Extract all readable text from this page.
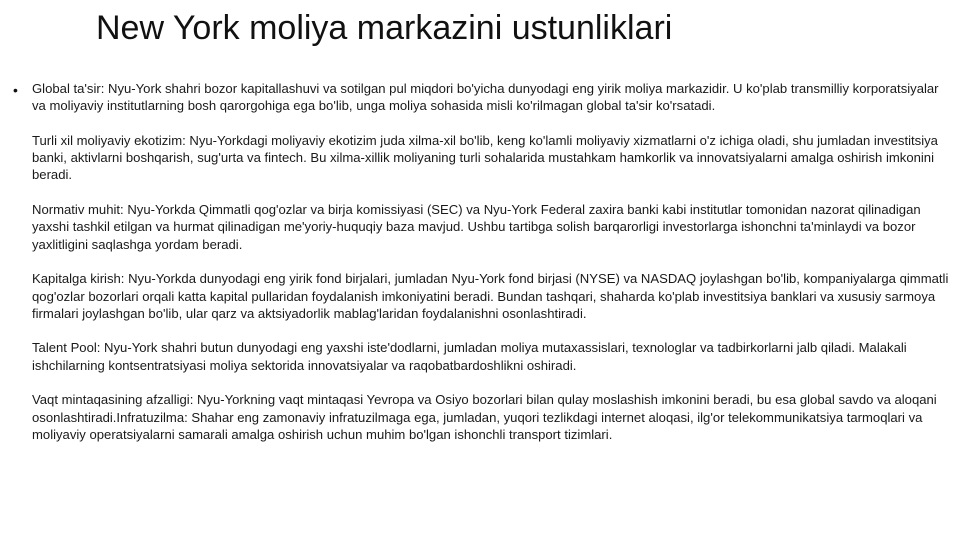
New York moliya markazini ustunliklari
• Global ta'sir: Nyu-York shahri bozor kapitallashuvi va sotilgan pul miqdori bo'yicha dunyodagi eng yirik moliya markazidir. U ko'plab transmilliy korporatsiyalar va moliyaviy institutlarning bosh qarorgohiga ega bo'lib, unga moliya sohasida misli ko'rilmagan global ta'sir ko'rsatadi.

Turli xil moliyaviy ekotizim: Nyu-Yorkdagi moliyaviy ekotizim juda xilma-xil bo'lib, keng ko'lamli moliyaviy xizmatlarni o'z ichiga oladi, shu jumladan investitsiya banki, aktivlarni boshqarish, sug'urta va fintech. Bu xilma-xillik moliyaning turli sohalarida mustahkam hamkorlik va innovatsiyalarni amalga oshirish imkonini beradi.

Normativ muhit: Nyu-Yorkda Qimmatli qog'ozlar va birja komissiyasi (SEC) va Nyu-York Federal zaxira banki kabi institutlar tomonidan nazorat qilinadigan yaxshi tashkil etilgan va hurmat qilinadigan me'yoriy-huquqiy baza mavjud. Ushbu tartibga solish barqarorligi investorlarga ishonchni ta'minlaydi va bozor yaxlitligini saqlashga yordam beradi.

Kapitalga kirish: Nyu-Yorkda dunyodagi eng yirik fond birjalari, jumladan Nyu-York fond birjasi (NYSE) va NASDAQ joylashgan bo'lib, kompaniyalarga qimmatli qog'ozlar bozorlari orqali katta kapital pullaridan foydalanish imkoniyatini beradi. Bundan tashqari, shaharda ko'plab investitsiya banklari va xususiy sarmoya firmalari joylashgan bo'lib, ular qarz va aktsiyadorlik mablag'laridan foydalanishni osonlashtiradi.

Talent Pool: Nyu-York shahri butun dunyodagi eng yaxshi iste'dodlarni, jumladan moliya mutaxassislari, texnologlar va tadbirkorlarni jalb qiladi. Malakali ishchilarning kontsentratsiyasi moliya sektorida innovatsiyalar va raqobatbardoshlikni oshiradi.

Vaqt mintaqasining afzalligi: Nyu-Yorkning vaqt mintaqasi Yevropa va Osiyo bozorlari bilan qulay moslashish imkonini beradi, bu esa global savdo va aloqani osonlashtiradi.Infratuzilma: Shahar eng zamonaviy infratuzilmaga ega, jumladan, yuqori tezlikdagi internet aloqasi, ilg'or telekommunikatsiya tarmoqlari va moliyaviy operatsiyalarni samarali amalga oshirish uchun muhim bo'lgan ishonchli transport tizimlari.
